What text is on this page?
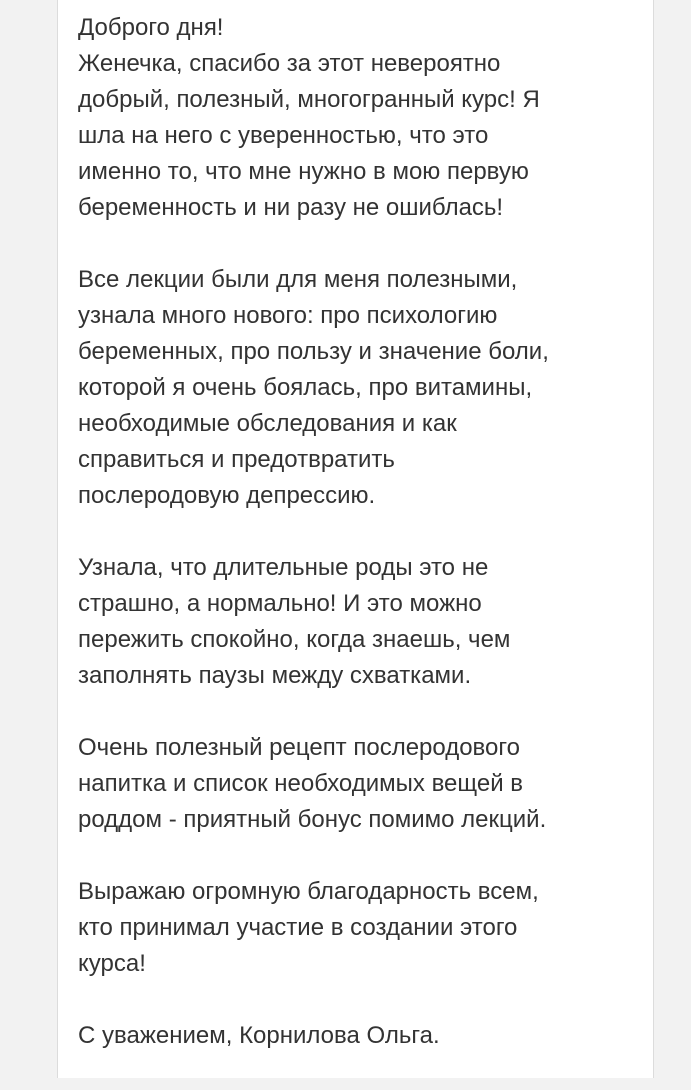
Доброго дня!

Женечка, спасибо за этот невероятно
добрый, полезный, многогранный курс! Я
шла на него с уверенностью, что это
именно то, что мне нужно в мою первую
беременность и ни разу не ошиблась!

Все лекции были для меня полезными,
узнала много нового: про психологию
беременных, про пользу и значение боли,
которой я очень боялась, про витамины,
необходимые обследования и как
справиться и предотвратить
послеродовую депрессию.

Узнала, что длительные роды это не
страшно, а нормально! И это можно
пережить спокойно, когда знаешь, чем
заполнять паузы между схватками.

Очень полезный рецепт послеродового
напитка и список необходимых вещей в
роддом - приятный бонус помимо лекций.

Выражаю огромную благодарность всем,
кто принимал участие в создании этого
курса!

С уважением, Корнилова Ольга.
